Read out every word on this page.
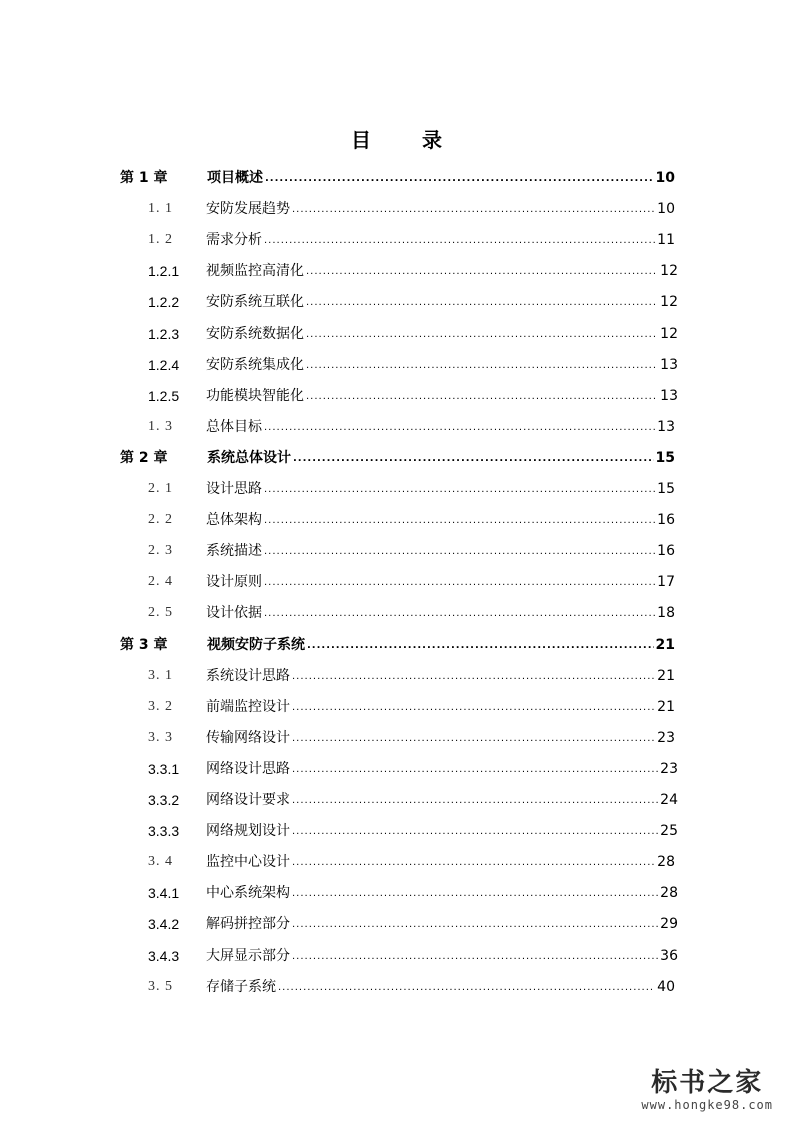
目 录
第 1 章	项目概述 .....	10
1. 1	安防发展趋势 .....	10
1. 2	需求分析 .....	11
1.2.1	视频监控高清化 .....	12
1.2.2	安防系统互联化 .....	12
1.2.3	安防系统数据化 .....	12
1.2.4	安防系统集成化 .....	13
1.2.5	功能模块智能化 .....	13
1. 3	总体目标 .....	13
第 2 章	系统总体设计 .....	15
2. 1	设计思路 .....	15
2. 2	总体架构 .....	16
2. 3	系统描述 .....	16
2. 4	设计原则 .....	17
2. 5	设计依据 .....	18
第 3 章	视频安防子系统 .....	21
3. 1	系统设计思路 .....	21
3. 2	前端监控设计 .....	21
3. 3	传输网络设计 .....	23
3.3.1	网络设计思路 .....	23
3.3.2	网络设计要求 .....	24
3.3.3	网络规划设计 .....	25
3. 4	监控中心设计 .....	28
3.4.1	中心系统架构 .....	28
3.4.2	解码拼控部分 .....	29
3.4.3	大屏显示部分 .....	36
3. 5	存储子系统 .....	40
标书之家
www.hongke98.com
